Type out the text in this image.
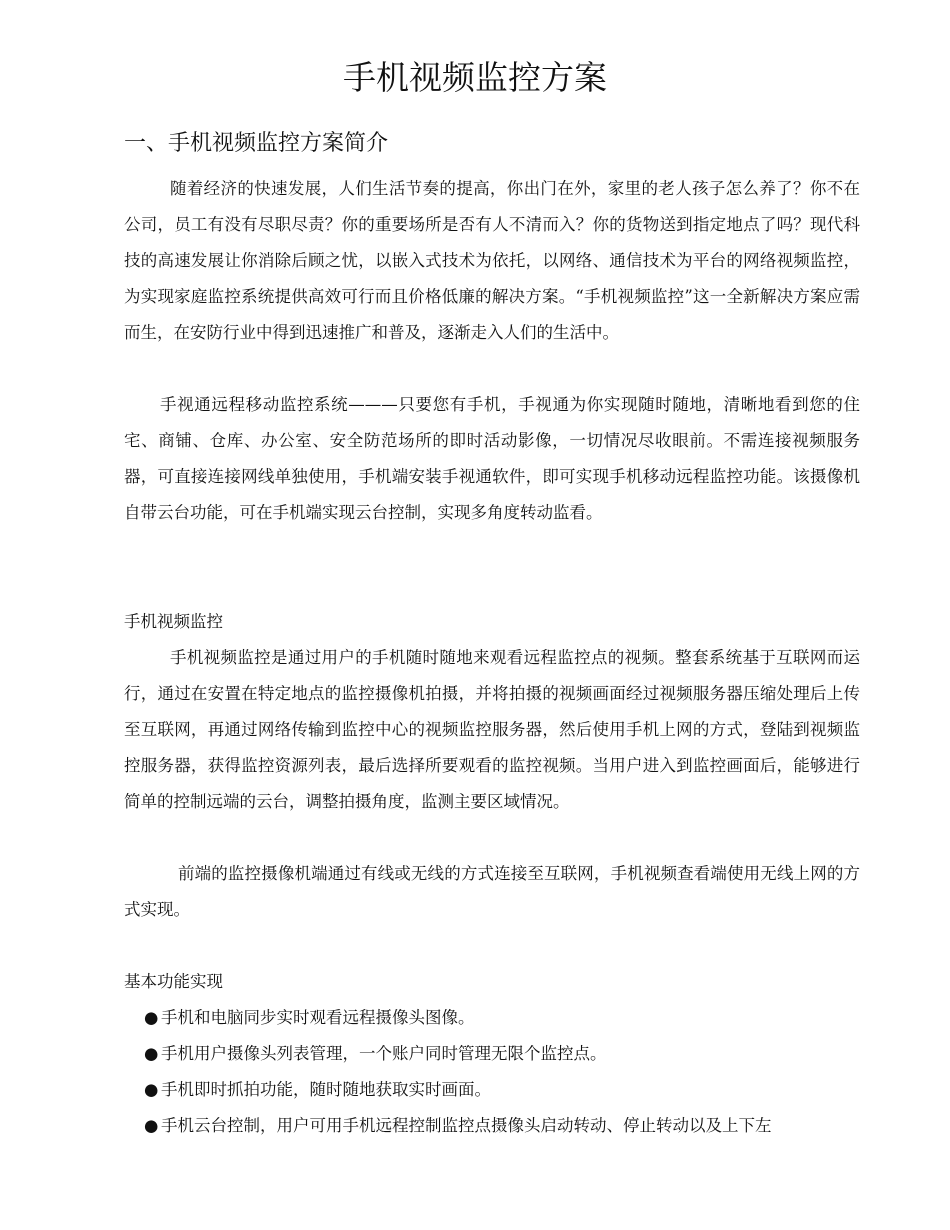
手机视频监控方案
一、手机视频监控方案简介

随着经济的快速发展，人们生活节奏的提高，你出门在外，家里的老人孩子怎么养了？你不在公司，员工有没有尽职尽责？你的重要场所是否有人不清而入？你的货物送到指定地点了吗？现代科技的高速发展让你消除后顾之忧，以嵌入式技术为依托，以网络、通信技术为平台的网络视频监控，为实现家庭监控系统提供高效可行而且价格低廉的解决方案。“手机视频监控”这一全新解决方案应需而生，在安防行业中得到迅速推广和普及，逐渐走入人们的生活中。

手视通远程移动监控系统———只要您有手机，手视通为你实现随时随地，清晰地看到您的住宅、商铺、仓库、办公室、安全防范场所的即时活动影像，一切情况尽收眼前。不需连接视频服务器，可直接连接网线单独使用，手机端安装手视通软件，即可实现手机移动远程监控功能。该摄像机自带云台功能，可在手机端实现云台控制，实现多角度转动监看。

手机视频监控

手机视频监控是通过用户的手机随时随地来观看远程监控点的视频。整套系统基于互联网而运行，通过在安置在特定地点的监控摄像机拍摄，并将拍摄的视频画面经过视频服务器压缩处理后上传至互联网，再通过网络传输到监控中心的视频监控服务器，然后使用手机上网的方式，登陆到视频监控服务器，获得监控资源列表，最后选择所要观看的监控视频。当用户进入到监控画面后，能够进行简单的控制远端的云台，调整拍摄角度，监测主要区域情况。

前端的监控摄像机端通过有线或无线的方式连接至互联网，手机视频查看端使用无线上网的方式实现。

基本功能实现
● 手机和电脑同步实时观看远程摄像头图像。
● 手机用户摄像头列表管理，一个账户同时管理无限个监控点。
● 手机即时抓拍功能，随时随地获取实时画面。
● 手机云台控制，用户可用手机远程控制监控点摄像头启动转动、停止转动以及上下左
